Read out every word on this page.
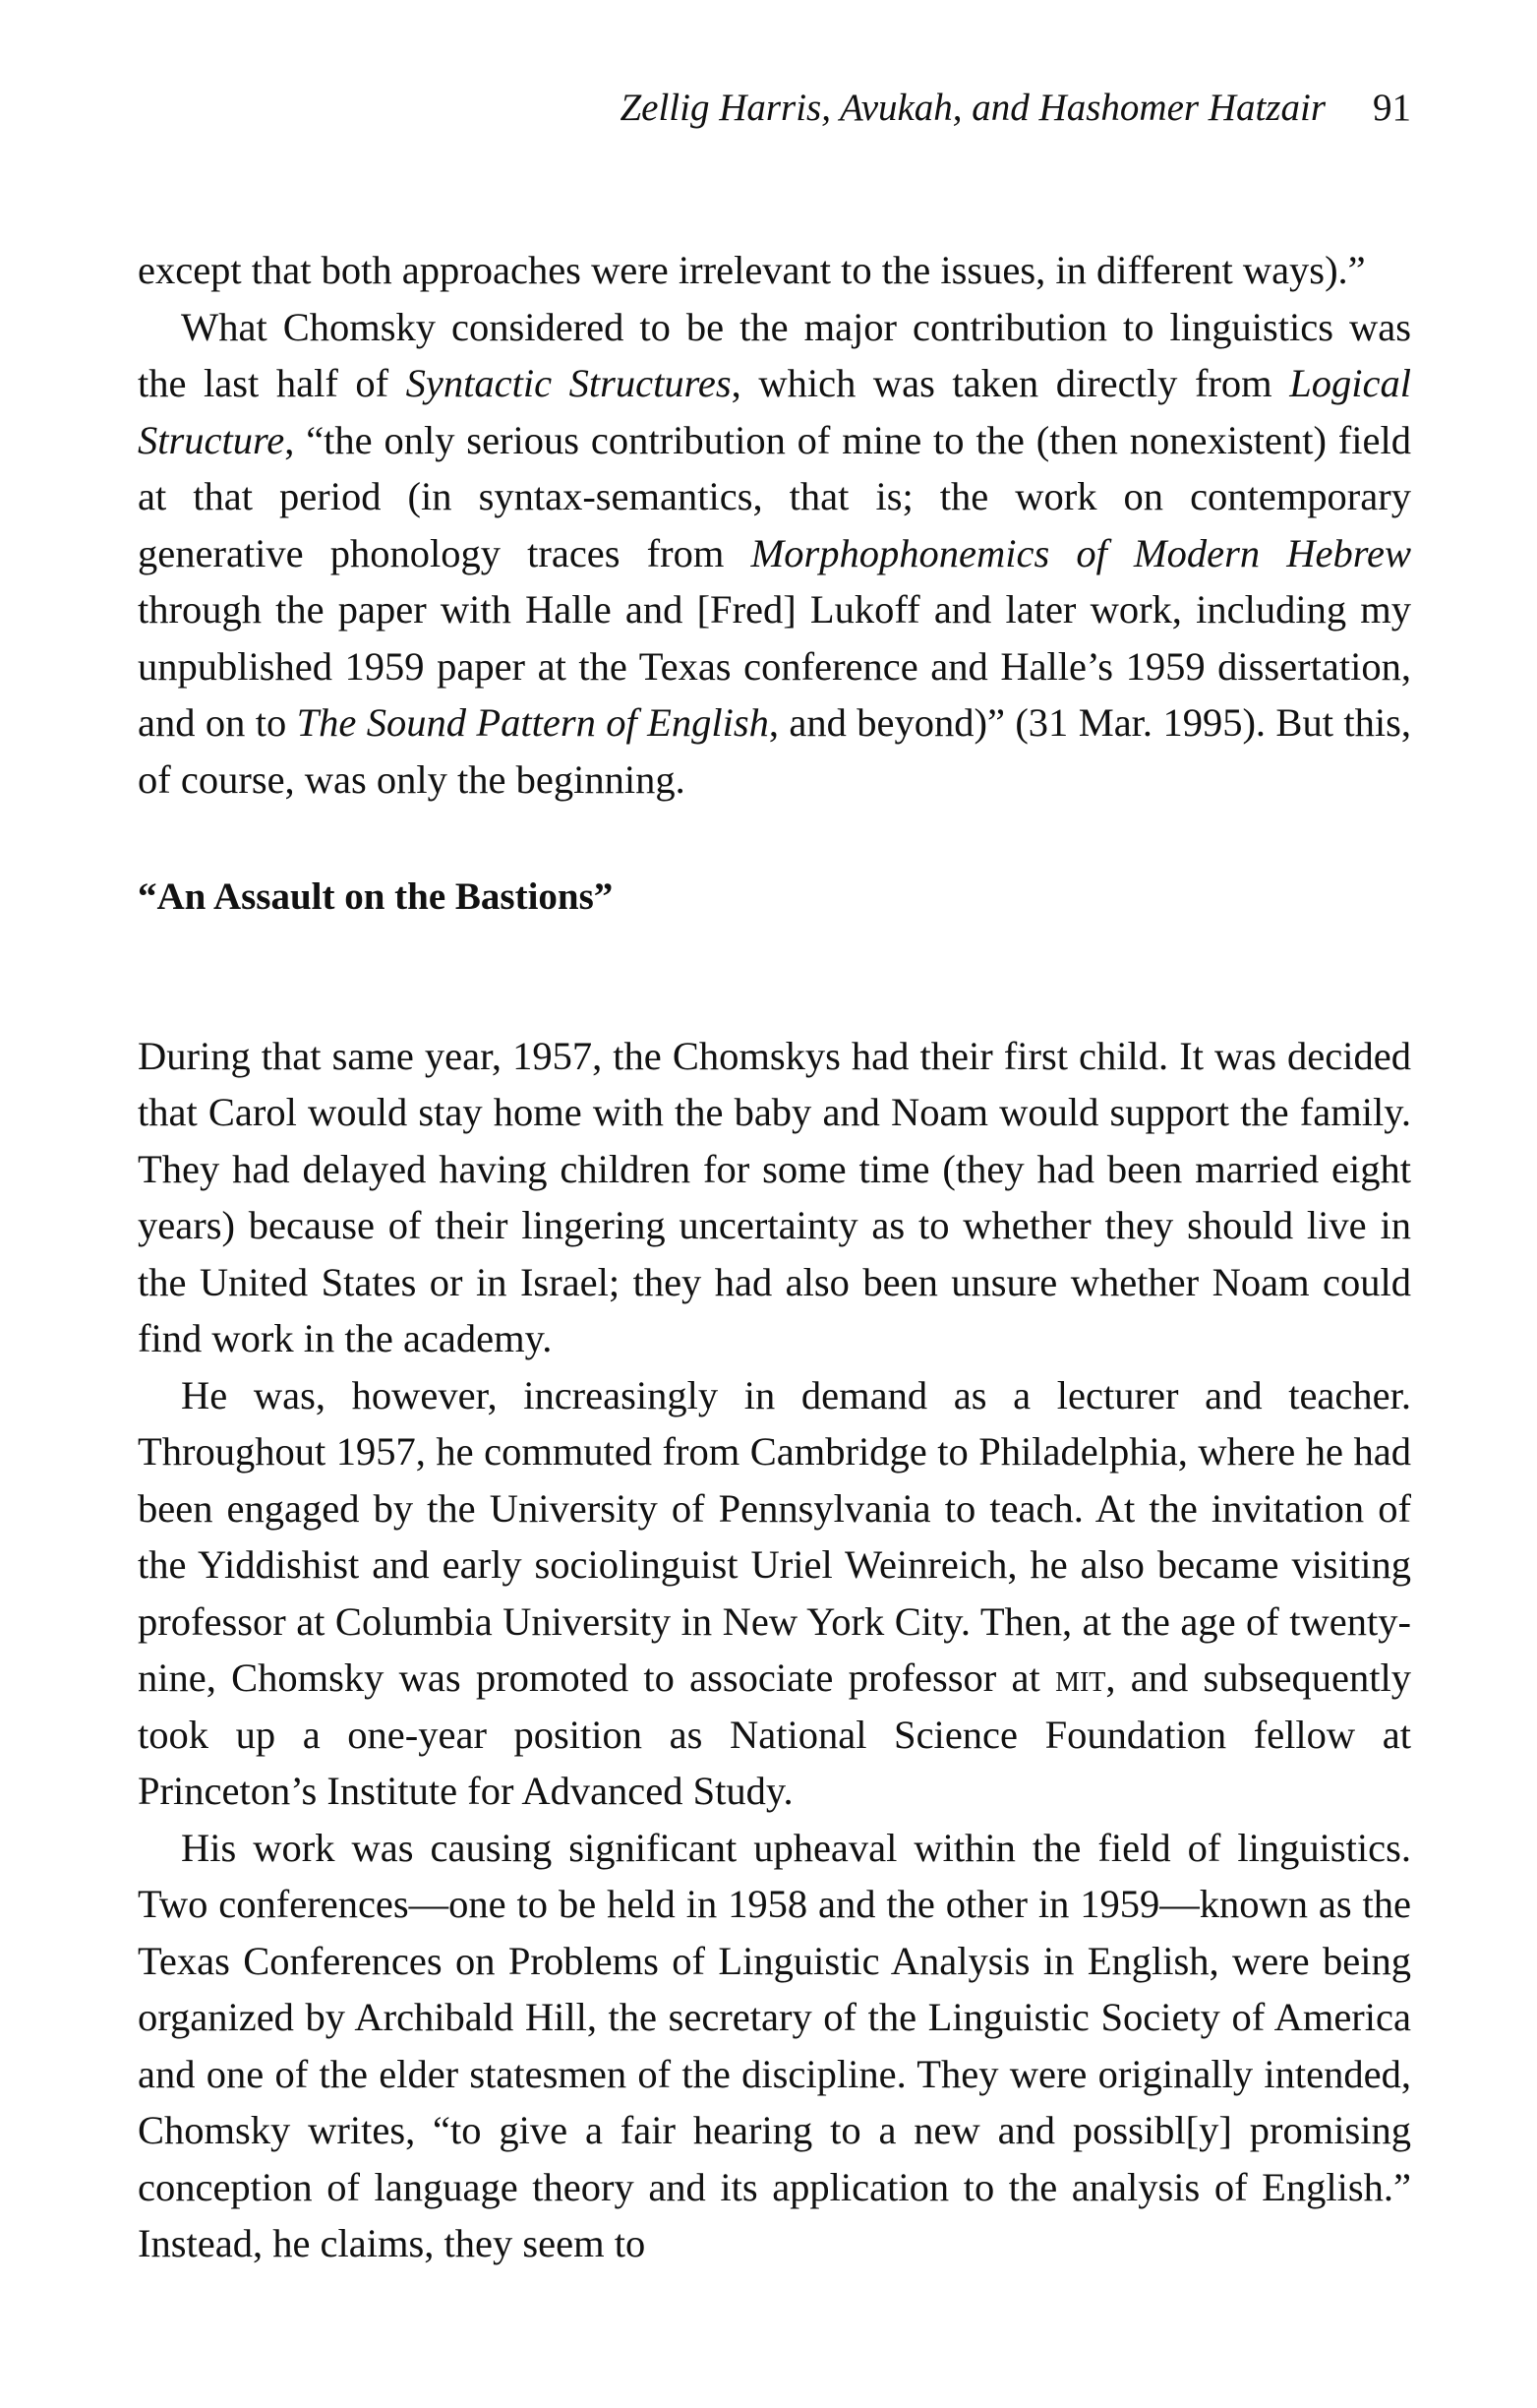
Zellig Harris, Avukah, and Hashomer Hatzair 91

except that both approaches were irrelevant to the issues, in different ways).”

What Chomsky considered to be the major contribution to linguistics was the last half of Syntactic Structures, which was taken directly from Logical Structure, “the only serious contribution of mine to the (then nonexistent) field at that period (in syntax-semantics, that is; the work on contemporary generative phonology traces from Morphophonemics of Modern Hebrew through the paper with Halle and [Fred] Lukoff and later work, including my unpublished 1959 paper at the Texas conference and Halle’s 1959 dissertation, and on to The Sound Pattern of English, and beyond)” (31 Mar. 1995). But this, of course, was only the beginning.

“An Assault on the Bastions”

During that same year, 1957, the Chomskys had their first child. It was decided that Carol would stay home with the baby and Noam would support the family. They had delayed having children for some time (they had been married eight years) because of their lingering uncertainty as to whether they should live in the United States or in Israel; they had also been unsure whether Noam could find work in the academy.

He was, however, increasingly in demand as a lecturer and teacher. Throughout 1957, he commuted from Cambridge to Philadelphia, where he had been engaged by the University of Pennsylvania to teach. At the invitation of the Yiddishist and early sociolinguist Uriel Weinreich, he also became visiting professor at Columbia University in New York City. Then, at the age of twenty-nine, Chomsky was promoted to associate professor at mit, and subsequently took up a one-year position as National Science Foundation fellow at Princeton’s Institute for Advanced Study.

His work was causing significant upheaval within the field of linguistics. Two conferences—one to be held in 1958 and the other in 1959—known as the Texas Conferences on Problems of Linguistic Analysis in English, were being organized by Archibald Hill, the secretary of the Linguistic Society of America and one of the elder statesmen of the discipline. They were originally intended, Chomsky writes, “to give a fair hearing to a new and possibl[y] promising conception of language theory and its application to the analysis of English.” Instead, he claims, they seem to
